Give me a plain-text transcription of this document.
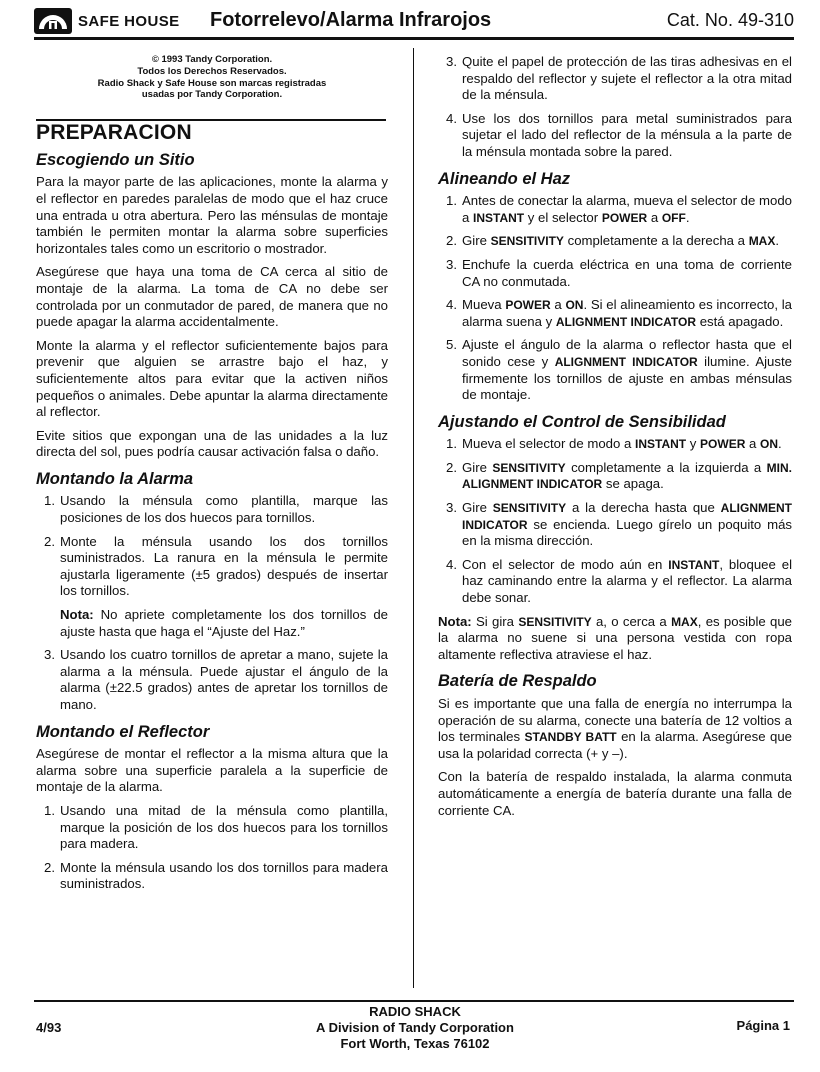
SAFE HOUSE Fotorrelevo/Alarma Infrarojos	Cat. No. 49-310
© 1993 Tandy Corporation.
Todos los Derechos Reservados.
Radio Shack y Safe House son marcas registradas
usadas por Tandy Corporation.
PREPARACION
Escogiendo un Sitio

Para la mayor parte de las aplicaciones, monte la alarma y el reflector en paredes paralelas de modo que el haz cruce una entrada u otra abertura. Pero las ménsulas de montaje también le permiten montar la alarma sobre superficies horizontales tales como un escritorio o mostrador.

Asegúrese que haya una toma de CA cerca al sitio de montaje de la alarma. La toma de CA no debe ser controlada por un conmutador de pared, de manera que no puede apagar la alarma accidentalmente.

Monte la alarma y el reflector suficientemente bajos para prevenir que alguien se arrastre bajo el haz, y suficientemente altos para evitar que la activen niños pequeños o animales. Debe apuntar la alarma directamente al reflector.

Evite sitios que expongan una de las unidades a la luz directa del sol, pues podría causar activación falsa o daño.

Montando la Alarma
1. Usando la ménsula como plantilla, marque las posiciones de los dos huecos para tornillos.
2. Monte la ménsula usando los dos tornillos suministrados. La ranura en la ménsula le permite ajustarla ligeramente (±5 grados) después de insertar los tornillos.
Nota: No apriete completamente los dos tornillos de ajuste hasta que haga el “Ajuste del Haz.”
3. Usando los cuatro tornillos de apretar a mano, sujete la alarma a la ménsula. Puede ajustar el ángulo de la alarma (±22.5 grados) antes de apretar los tornillos de mano.
Montando el Reflector

Asegúrese de montar el reflector a la misma altura que la alarma sobre una superficie paralela a la superficie de montaje de la alarma.

1. Usando una mitad de la ménsula como plantilla, marque la posición de los dos huecos para los tornillos para madera.
2. Monte la ménsula usando los dos tornillos para madera suministrados.
3. Quite el papel de protección de las tiras adhesivas en el respaldo del reflector y sujete el reflector a la otra mitad de la ménsula.
4. Use los dos tornillos para metal suministrados para sujetar el lado del reflector de la ménsula a la parte de la ménsula montada sobre la pared.
Alineando el Haz
1. Antes de conectar la alarma, mueva el selector de modo a INSTANT y el selector POWER a OFF.
2. Gire SENSITIVITY completamente a la derecha a MAX.
3. Enchufe la cuerda eléctrica en una toma de corriente CA no conmutada.
4. Mueva POWER a ON. Si el alineamiento es incorrecto, la alarma suena y ALIGNMENT INDICATOR está apagado.
5. Ajuste el ángulo de la alarma o reflector hasta que el sonido cese y ALIGNMENT INDICATOR ilumine. Ajuste firmemente los tornillos de ajuste en ambas ménsulas de montaje.
Ajustando el Control de Sensibilidad
1. Mueva el selector de modo a INSTANT y POWER a ON.
2. Gire SENSITIVITY completamente a la izquierda a MIN. ALIGNMENT INDICATOR se apaga.
3. Gire SENSITIVITY a la derecha hasta que ALIGNMENT INDICATOR se encienda. Luego gírelo un poquito más en la misma dirección.
4. Con el selector de modo aún en INSTANT, bloquee el haz caminando entre la alarma y el reflector. La alarma debe sonar.

Nota: Si gira SENSITIVITY a, o cerca a MAX, es posible que la alarma no suene si una persona vestida con ropa altamente reflectiva atraviese el haz.

Batería de Respaldo

Si es importante que una falla de energía no interrumpa la operación de su alarma, conecte una batería de 12 voltios a los terminales STANDBY BATT en la alarma. Asegúrese que usa la polaridad correcta (+ y –).

Con la batería de respaldo instalada, la alarma conmuta automáticamente a energía de batería durante una falla de corriente CA.

4/93
RADIO SHACK
A Division of Tandy Corporation
Fort Worth, Texas 76102
Página 1
